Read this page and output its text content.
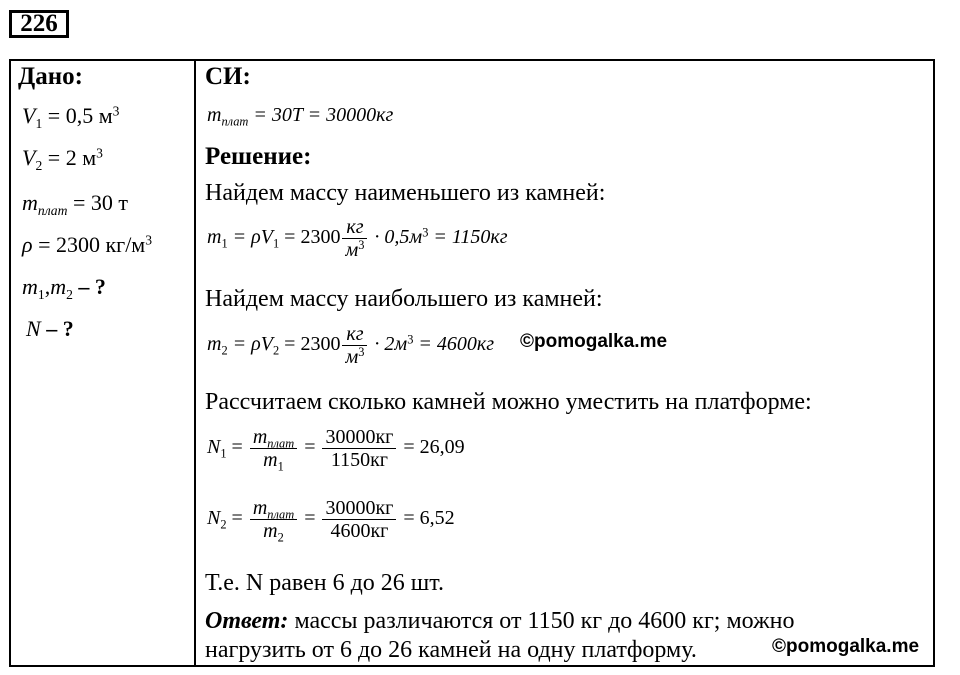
226
Дано:
$V_1 = 0,5$ $м^3$
$V_2 = 2$ $м^3$
$m_{плат} = 30$ т
ρ = 2300 $кг/м^3$
$m_1,m_2$ – ?
N – ?
СИ:
$m_{плат} = 30T = 30000кг$
Решение:
Найдем массу наименьшего из камней:
$m_1 = \rho V_1 = 2300 \frac{кг}{м^3} \cdot 0,5м^3 = 1150кг$
Найдем массу наибольшего из камней:
$m_2 = \rho V_2 = 2300 \frac{кг}{м^3} \cdot 2м^3 = 4600кг$ ©pomogalka.me
Рассчитаем сколько камней можно уместить на платформе:
$N_1 = \frac{m_{плат}}{m_1} = \frac{30000кг}{1150кг} = 26,09$
$N_2 = \frac{m_{плат}}{m_2} = \frac{30000кг}{4600кг} = 6,52$
Т.е. N равен 6 до 26 шт.
Ответ: массы различаются от 1150 кг до 4600 кг; можно
нагрузить от 6 до 26 камней на одну платформу.	©pomogalka.me
